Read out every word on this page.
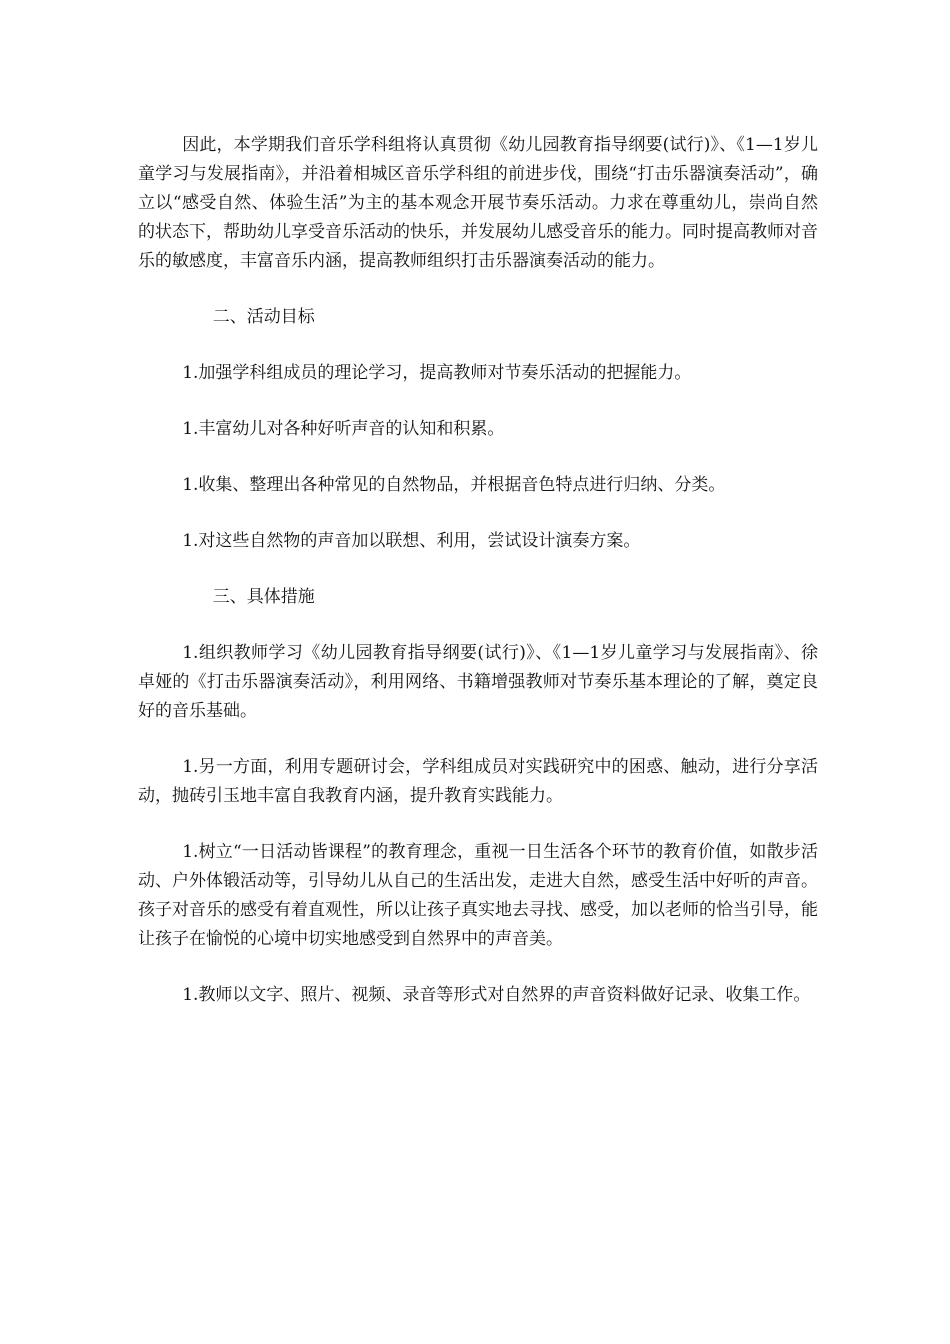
因此，本学期我们音乐学科组将认真贯彻《幼儿园教育指导纲要(试行)》、《1—1岁儿童学习与发展指南》，并沿着相城区音乐学科组的前进步伐，围绕“打击乐器演奏活动”，确立以“感受自然、体验生活”为主的基本观念开展节奏乐活动。力求在尊重幼儿，崇尚自然的状态下，帮助幼儿享受音乐活动的快乐，并发展幼儿感受音乐的能力。同时提高教师对音乐的敏感度，丰富音乐内涵，提高教师组织打击乐器演奏活动的能力。

二、活动目标

1.加强学科组成员的理论学习，提高教师对节奏乐活动的把握能力。

1.丰富幼儿对各种好听声音的认知和积累。

1.收集、整理出各种常见的自然物品，并根据音色特点进行归纳、分类。

1.对这些自然物的声音加以联想、利用，尝试设计演奏方案。

三、具体措施

1.组织教师学习《幼儿园教育指导纲要(试行)》、《1—1岁儿童学习与发展指南》、徐卓娅的《打击乐器演奏活动》，利用网络、书籍增强教师对节奏乐基本理论的了解，奠定良好的音乐基础。

1.另一方面，利用专题研讨会，学科组成员对实践研究中的困惑、触动，进行分享活动，抛砖引玉地丰富自我教育内涵，提升教育实践能力。

1.树立“一日活动皆课程”的教育理念，重视一日生活各个环节的教育价值，如散步活动、户外体锻活动等，引导幼儿从自己的生活出发，走进大自然，感受生活中好听的声音。孩子对音乐的感受有着直观性，所以让孩子真实地去寻找、感受，加以老师的恰当引导，能让孩子在愉悦的心境中切实地感受到自然界中的声音美。

1.教师以文字、照片、视频、录音等形式对自然界的声音资料做好记录、收集工作。
